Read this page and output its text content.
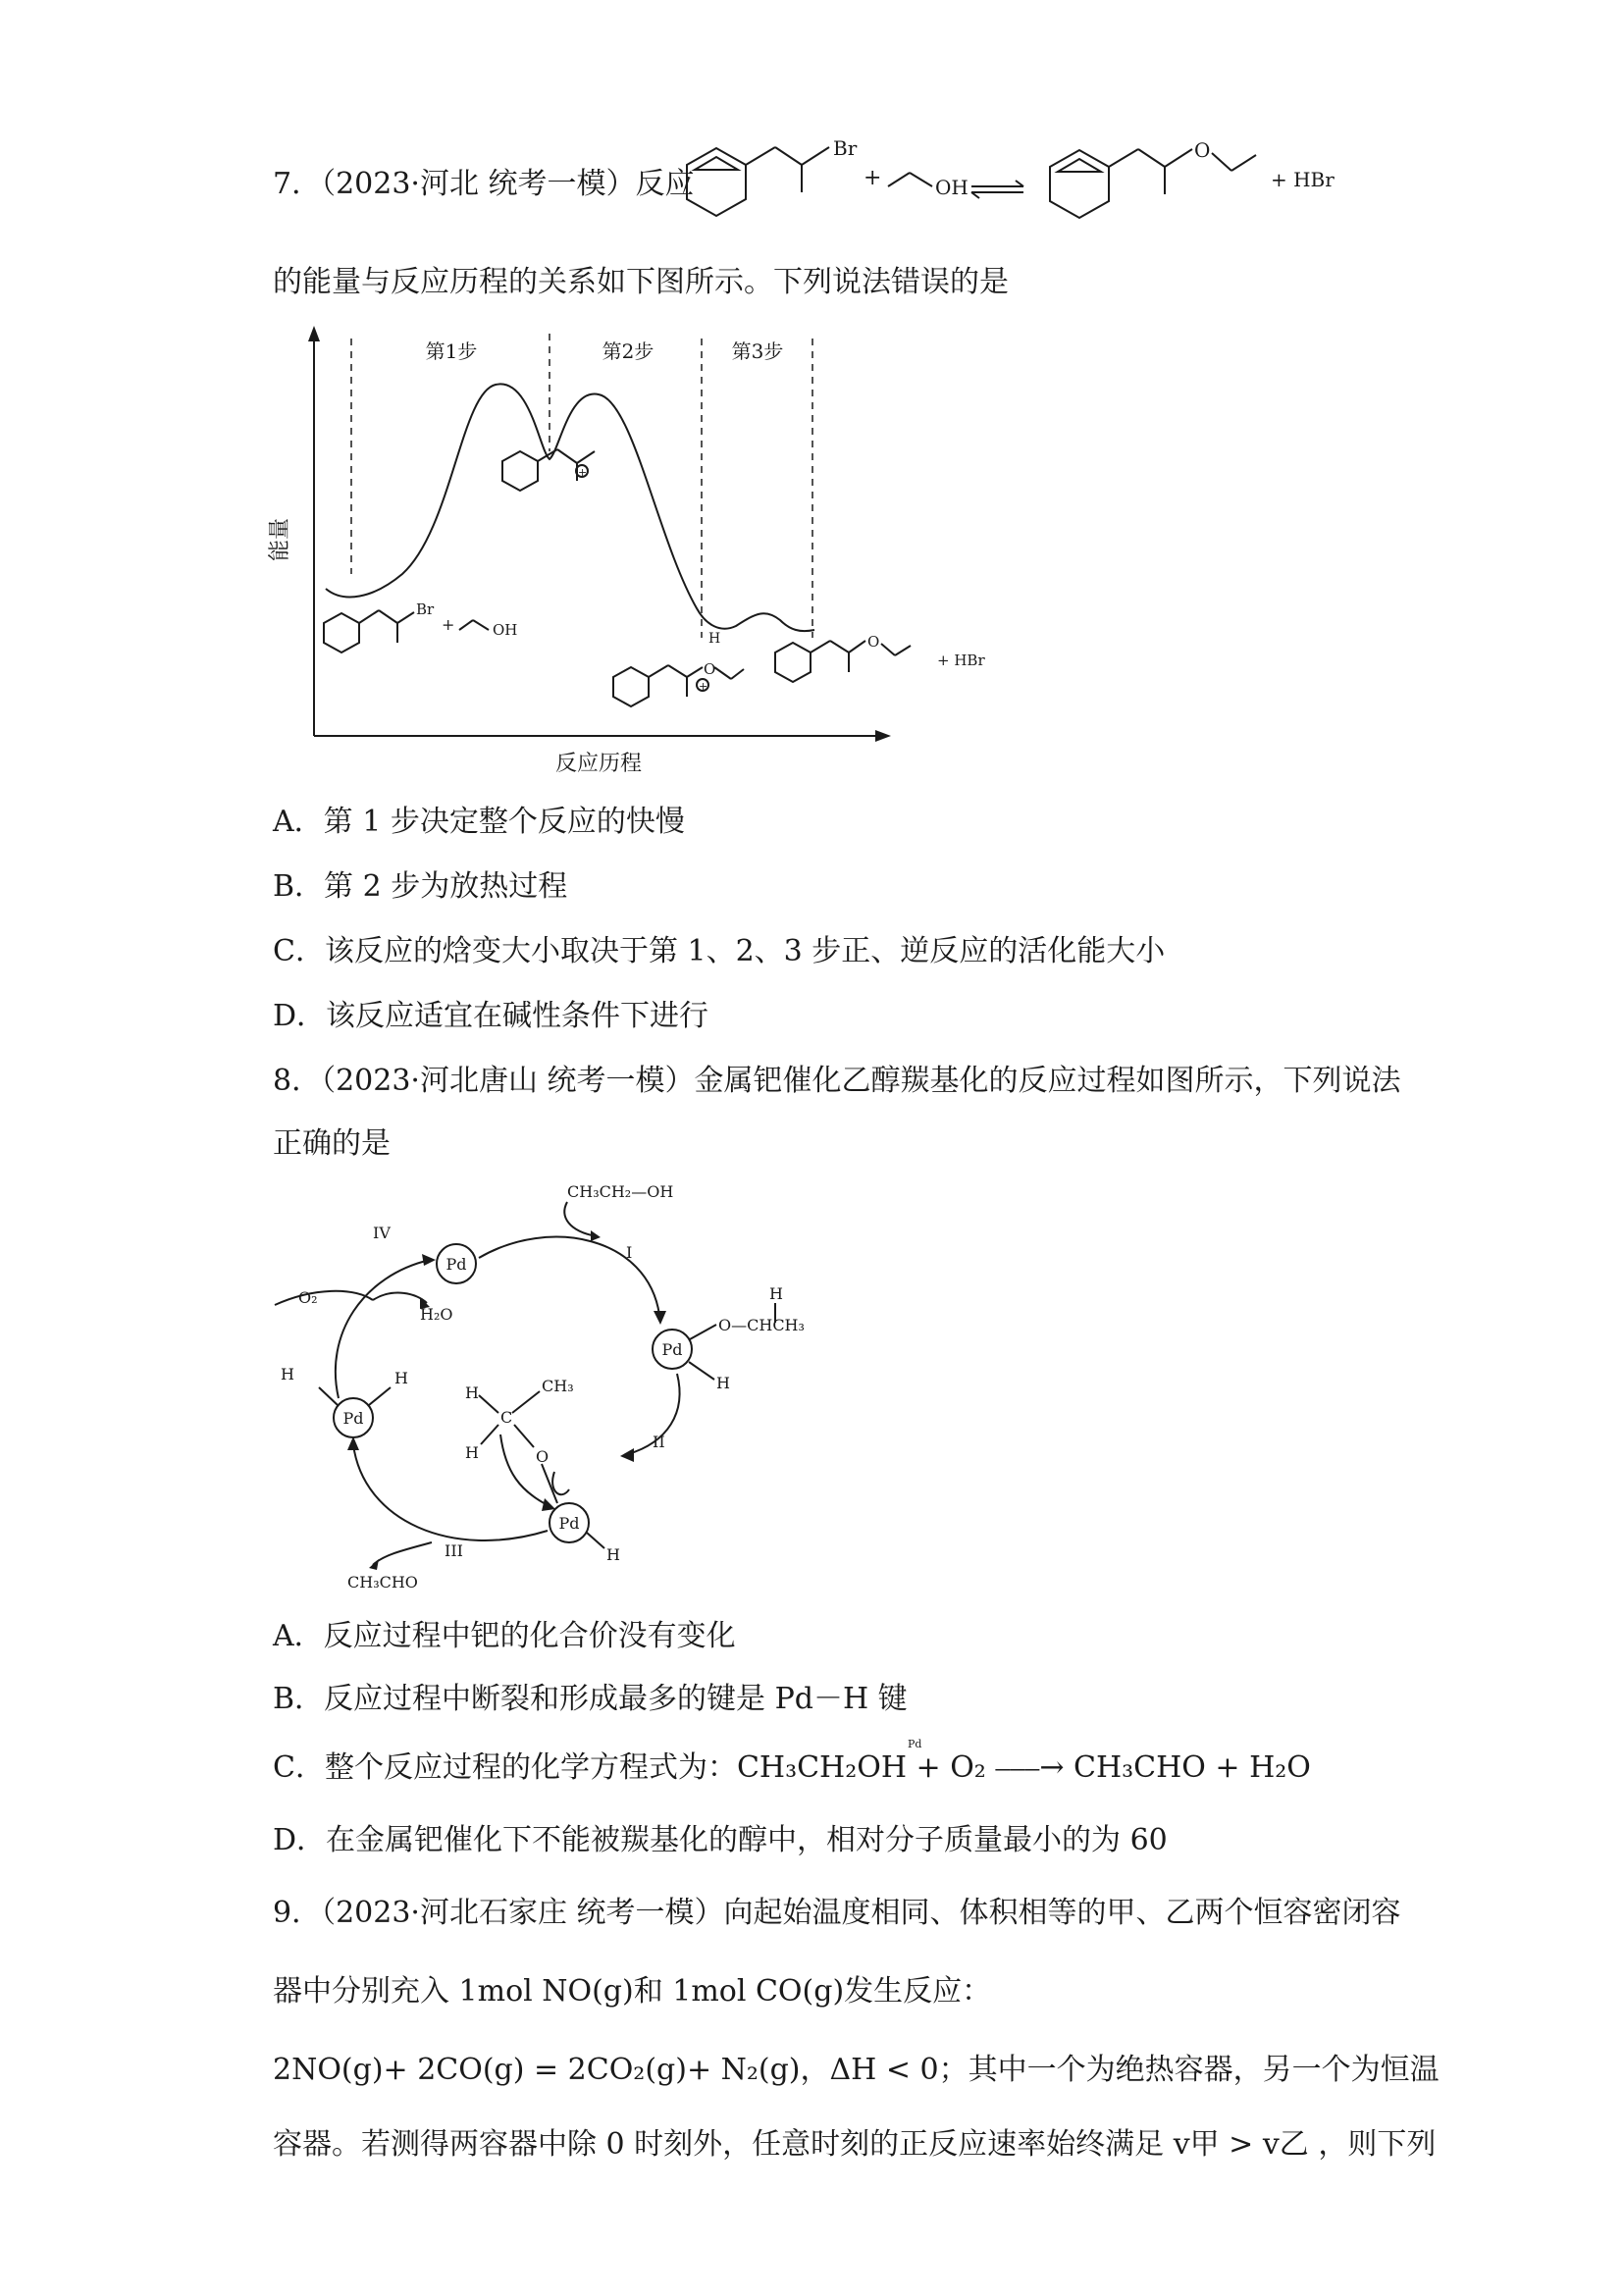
7．（2023·河北 统考一模）反应
Br
+	OH
O
+ HBr
的能量与反应历程的关系如下图所示。下列说法错误的是
能量
反应历程
第1步	第2步	第3步
+
Br
+	OH
O
H
+
O
+ HBr
A．第 1 步决定整个反应的快慢
B．第 2 步为放热过程
C．该反应的焓变大小取决于第 1、2、3 步正、逆反应的活化能大小
D．该反应适宜在碱性条件下进行
8．（2023·河北唐山 统考一模）金属钯催化乙醇羰基化的反应过程如图所示，下列说法
正确的是
Pd
Pd
Pd
Pd
CH₃CH₂—OH
I
O—CHCH₃
H
H
II
H
C
CH₃
H	O
H
III
CH₃CHO
H	H
IV
O₂
H₂O
A．反应过程中钯的化合价没有变化
B．反应过程中断裂和形成最多的键是 Pd－H 键
C．整个反应过程的化学方程式为：CH₃CH₂OH + O₂ ⎯⎯⎯→ CH₃CHO + H₂O
Pd
D．在金属钯催化下不能被羰基化的醇中，相对分子质量最小的为 60
9．（2023·河北石家庄 统考一模）向起始温度相同、体积相等的甲、乙两个恒容密闭容
器中分别充入 1mol NO(g)和 1mol CO(g)发生反应：
2NO(g)+ 2CO(g) = 2CO₂(g)+ N₂(g)，ΔH < 0；其中一个为绝热容器，另一个为恒温
容器。若测得两容器中除 0 时刻外，任意时刻的正反应速率始终满足 v甲 > v乙 ，则下列
